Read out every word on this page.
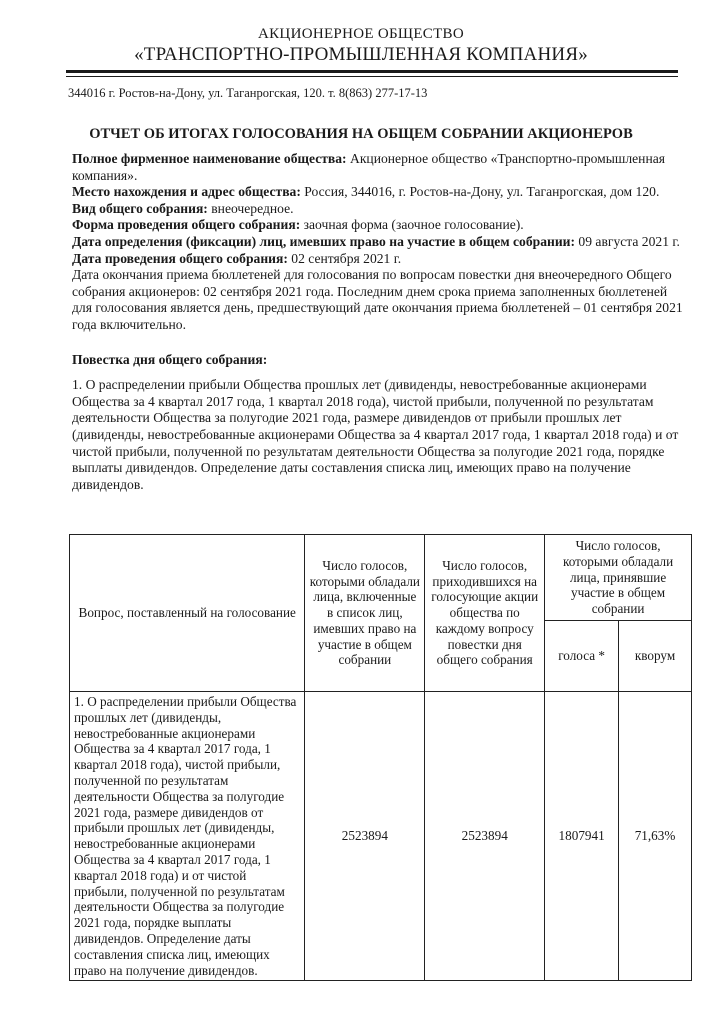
АКЦИОНЕРНОЕ ОБЩЕСТВО
«ТРАНСПОРТНО-ПРОМЫШЛЕННАЯ КОМПАНИЯ»
344016 г. Ростов-на-Дону, ул. Таганрогская, 120. т. 8(863) 277-17-13
ОТЧЕТ ОБ ИТОГАХ ГОЛОСОВАНИЯ НА ОБЩЕМ СОБРАНИИ АКЦИОНЕРОВ

Полное фирменное наименование общества: Акционерное общество «Транспортно-промышленная компания».

Место нахождения и адрес общества: Россия, 344016, г. Ростов-на-Дону, ул. Таганрогская, дом 120.

Вид общего собрания: внеочередное.

Форма проведения общего собрания: заочная форма (заочное голосование).

Дата определения (фиксации) лиц, имевших право на участие в общем собрании: 09 августа 2021 г.

Дата проведения общего собрания: 02 сентября 2021 г.

Дата окончания приема бюллетеней для голосования по вопросам повестки дня внеочередного Общего собрания акционеров: 02 сентября 2021 года. Последним днем срока приема заполненных бюллетеней для голосования является день, предшествующий дате окончания приема бюллетеней – 01 сентября 2021 года включительно.

Повестка дня общего собрания:

1. О распределении прибыли Общества прошлых лет (дивиденды, невостребованные акционерами Общества за 4 квартал 2017 года, 1 квартал 2018 года), чистой прибыли, полученной по результатам деятельности Общества за полугодие 2021 года, размере дивидендов от прибыли прошлых лет (дивиденды, невостребованные акционерами Общества за 4 квартал 2017 года, 1 квартал 2018 года) и от чистой прибыли, полученной по результатам деятельности Общества за полугодие 2021 года, порядке выплаты дивидендов. Определение даты составления списка лиц, имеющих право на получение дивидендов.

Вопрос, поставленный на голосование	Число голосов, которыми обладали лица, включенные в список лиц, имевших право на участие в общем собрании	Число голосов, приходившихся на голосующие акции общества по каждому вопросу повестки дня общего собрания	Число голосов, которыми обладали лица, принявшие участие в общем собрании	
			голоса *	кворум
1. О распределении прибыли Общества прошлых лет (дивиденды, невостребованные акционерами Общества за 4 квартал 2017 года, 1 квартал 2018 года), чистой прибыли, полученной по результатам деятельности Общества за полугодие 2021 года, размере дивидендов от прибыли прошлых лет (дивиденды, невостребованные акционерами Общества за 4 квартал 2017 года, 1 квартал 2018 года) и от чистой прибыли, полученной по результатам деятельности Общества за полугодие 2021 года, порядке выплаты дивидендов. Определение даты составления списка лиц, имеющих право на получение дивидендов.	2523894	2523894	1807941	71,63%
